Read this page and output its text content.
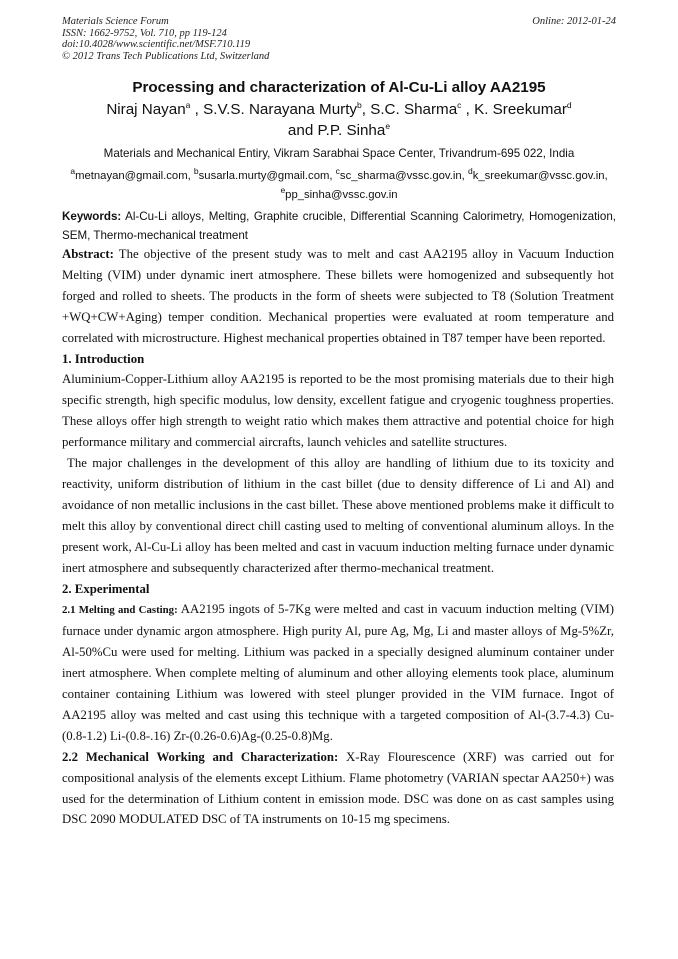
Materials Science Forum
ISSN: 1662-9752, Vol. 710, pp 119-124
doi:10.4028/www.scientific.net/MSF.710.119
© 2012 Trans Tech Publications Ltd, Switzerland
Online: 2012-01-24
Processing and characterization of Al-Cu-Li alloy AA2195
Niraj Nayan$^a$ , S.V.S. Narayana Murty$^b$, S.C. Sharma$^c$ , K. Sreekumar$^d$
and P.P. Sinha$^e$
Materials and Mechanical Entiry, Vikram Sarabhai Space Center, Trivandrum-695 022, India
$^a$metnayan@gmail.com, $^b$susarla.murty@gmail.com, $^c$sc_sharma@vssc.gov.in, $^d$k_sreekumar@vssc.gov.in,
$^e$pp_sinha@vssc.gov.in
Keywords: Al-Cu-Li alloys, Melting, Graphite crucible, Differential Scanning Calorimetry, Homogenization, SEM, Thermo-mechanical treatment

Abstract: The objective of the present study was to melt and cast AA2195 alloy in Vacuum Induction Melting (VIM) under dynamic inert atmosphere. These billets were homogenized and subsequently hot forged and rolled to sheets. The products in the form of sheets were subjected to T8 (Solution Treatment +WQ+CW+Aging) temper condition. Mechanical properties were evaluated at room temperature and correlated with microstructure. Highest mechanical properties obtained in T87 temper have been reported.

1. Introduction

Aluminium-Copper-Lithium alloy AA2195 is reported to be the most promising materials due to their high specific strength, high specific modulus, low density, excellent fatigue and cryogenic toughness properties. These alloys offer high strength to weight ratio which makes them attractive and potential choice for high performance military and commercial aircrafts, launch vehicles and satellite structures.

The major challenges in the development of this alloy are handling of lithium due to its toxicity and reactivity, uniform distribution of lithium in the cast billet (due to density difference of Li and Al) and avoidance of non metallic inclusions in the cast billet. These above mentioned problems make it difficult to melt this alloy by conventional direct chill casting used to melting of conventional aluminum alloys. In the present work, Al-Cu-Li alloy has been melted and cast in vacuum induction melting furnace under dynamic inert atmosphere and subsequently characterized after thermo-mechanical treatment.

2. Experimental

2.1 Melting and Casting: AA2195 ingots of 5-7Kg were melted and cast in vacuum induction melting (VIM) furnace under dynamic argon atmosphere. High purity Al, pure Ag, Mg, Li and master alloys of Mg-5%Zr, Al-50%Cu were used for melting. Lithium was packed in a specially designed aluminum container under inert atmosphere. When complete melting of aluminum and other alloying elements took place, aluminum container containing Lithium was lowered with steel plunger provided in the VIM furnace. Ingot of AA2195 alloy was melted and cast using this technique with a targeted composition of Al-(3.7-4.3) Cu-(0.8-1.2) Li-(0.8-.16) Zr-(0.26-0.6)Ag-(0.25-0.8)Mg.

2.2 Mechanical Working and Characterization: X-Ray Flourescence (XRF) was carried out for compositional analysis of the elements except Lithium. Flame photometry (VARIAN spectar AA250+) was used for the determination of Lithium content in emission mode. DSC was done on as cast samples using DSC 2090 MODULATED DSC of TA instruments on 10-15 mg specimens.
